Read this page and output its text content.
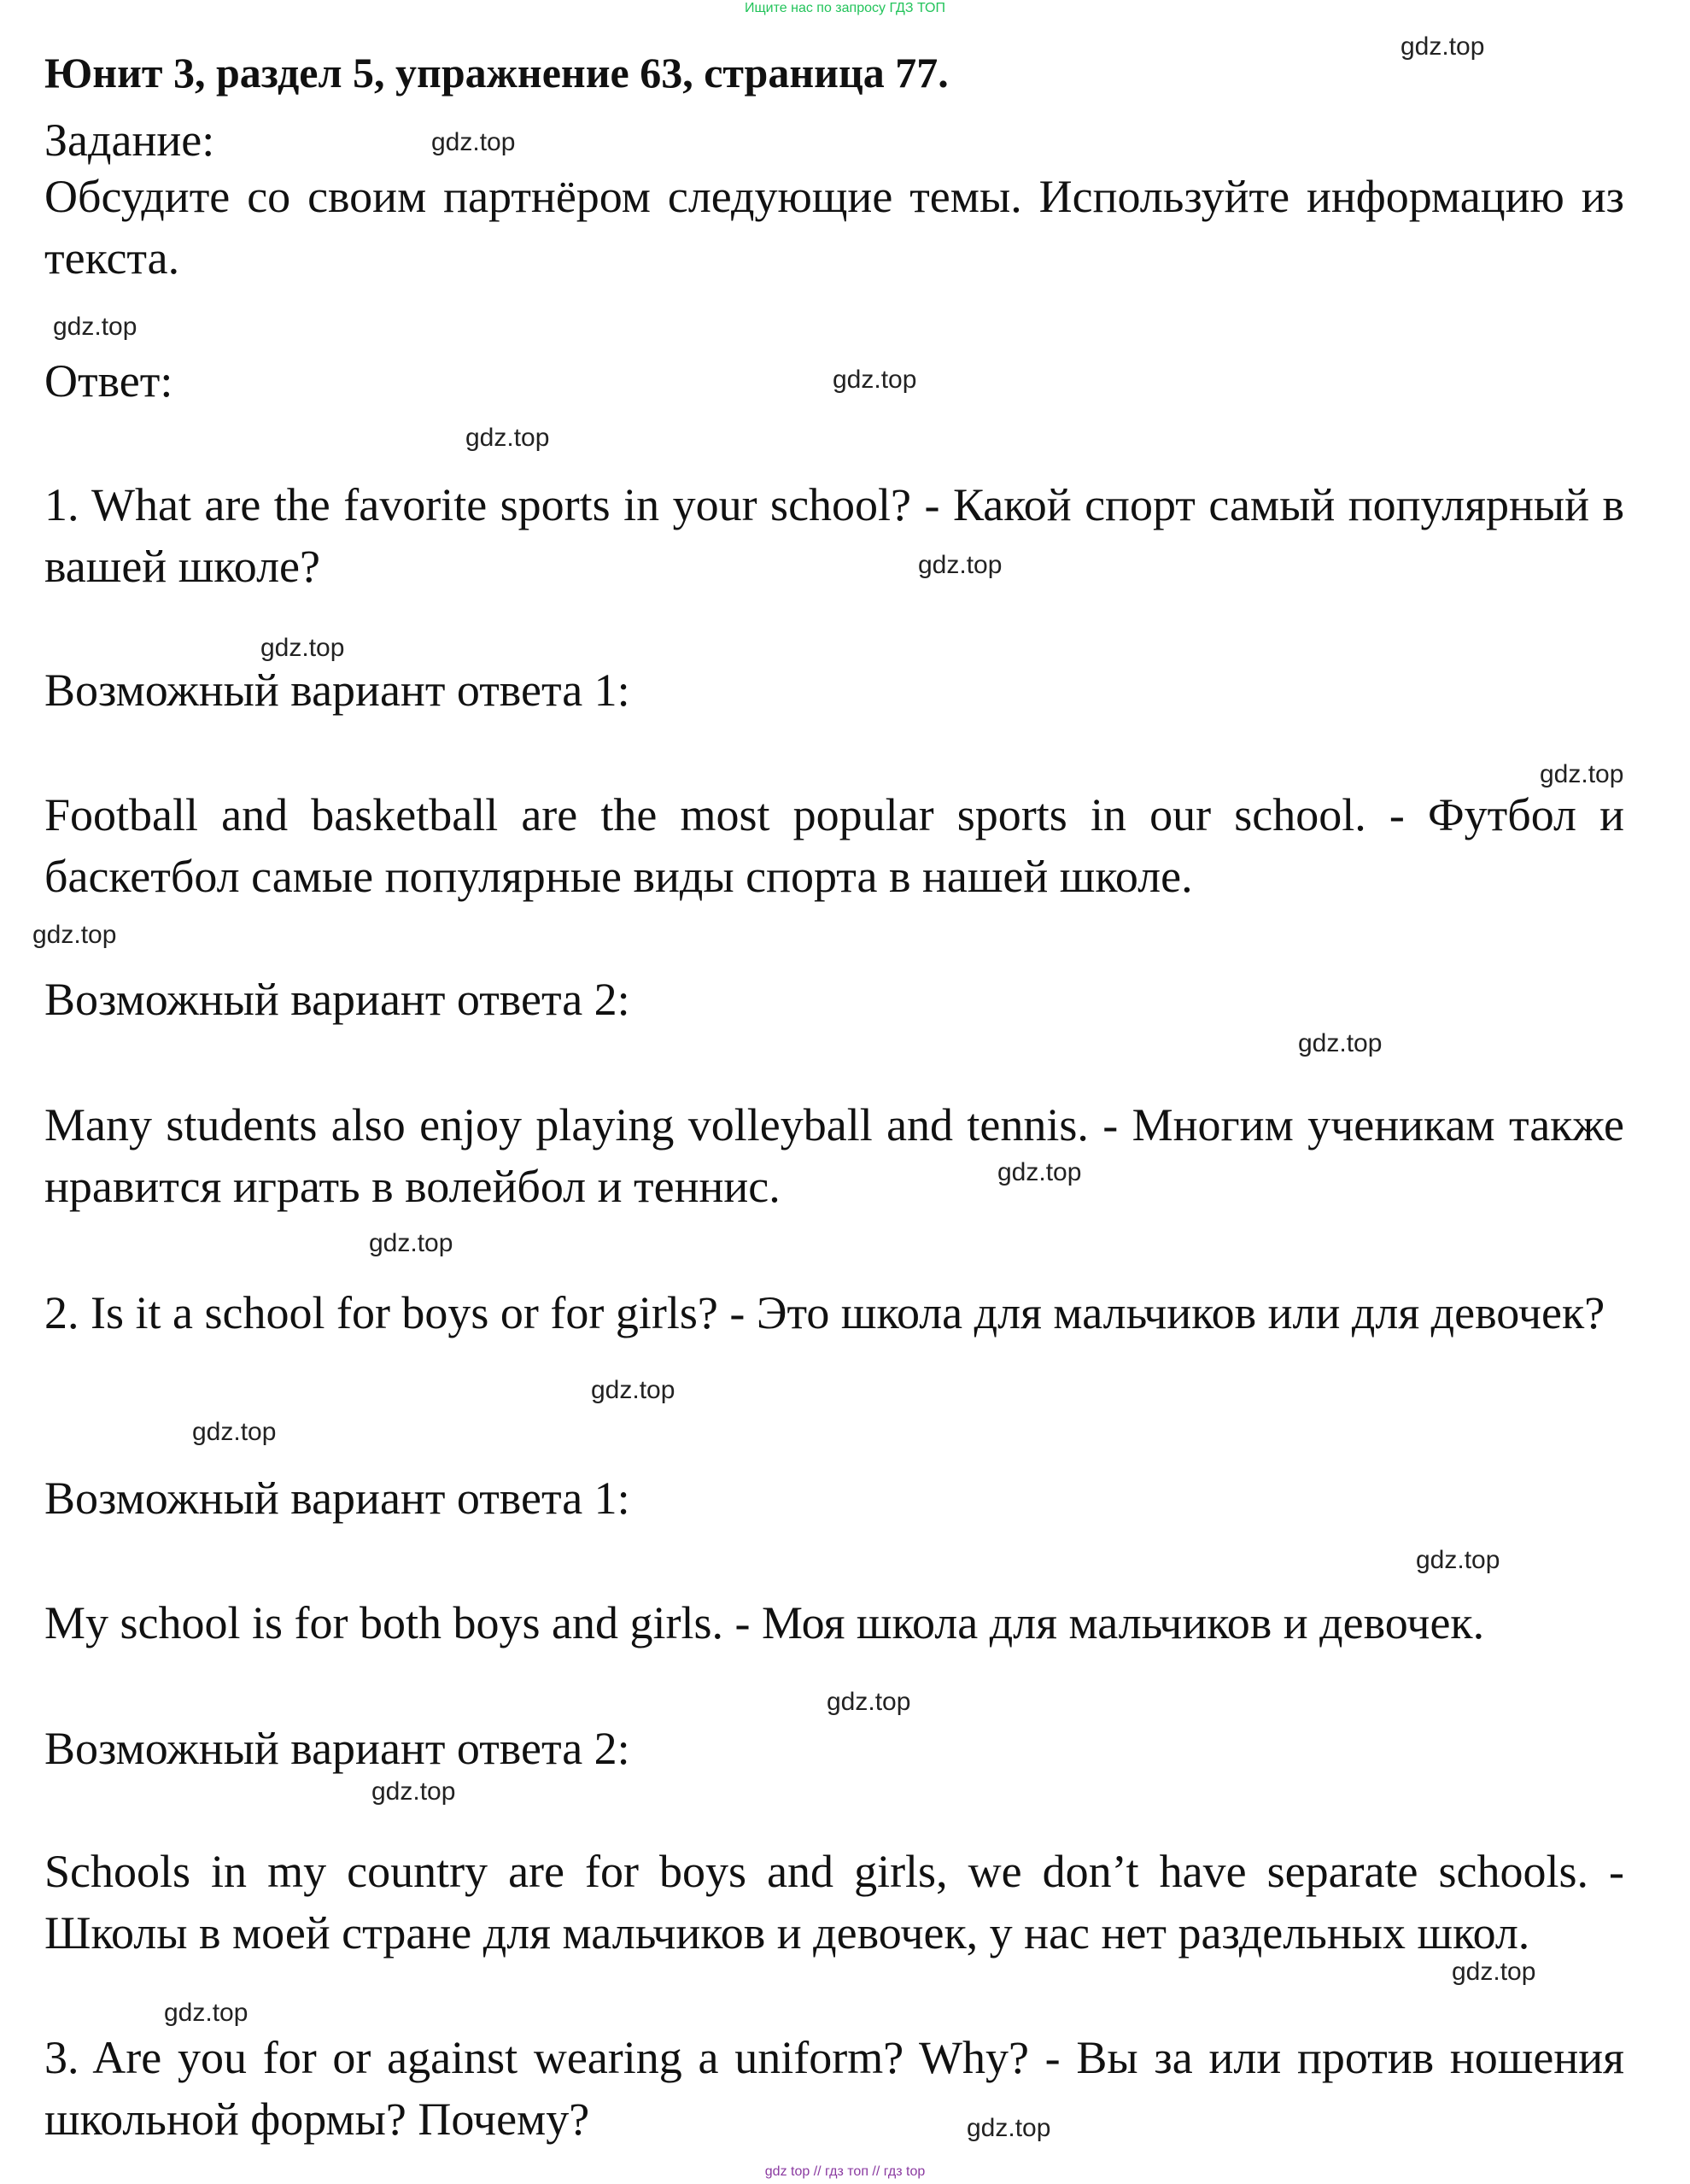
Ищите нас по запросу ГДЗ ТОП
Юнит 3, раздел 5, упражнение 63, страница 77.

Задание:

Обсудите со своим партнёром следующие темы. Используйте информацию из текста.

Ответ:

1. What are the favorite sports in your school? - Какой спорт самый популярный в вашей школе?

Возможный вариант ответа 1:

Football and basketball are the most popular sports in our school. - Футбол и баскетбол самые популярные виды спорта в нашей школе.

Возможный вариант ответа 2:

Many students also enjoy playing volleyball and tennis. - Многим ученикам также нравится играть в волейбол и теннис.

2. Is it a school for boys or for girls? - Это школа для мальчиков или для девочек?

Возможный вариант ответа 1:

My school is for both boys and girls. - Моя школа для мальчиков и девочек.

Возможный вариант ответа 2:

Schools in my country are for boys and girls, we don’t have separate schools. - Школы в моей стране для мальчиков и девочек, у нас нет раздельных школ.

3. Are you for or against wearing a uniform? Why? - Вы за или против ношения школьной формы? Почему?

gdz.top
gdz.top
gdz.top
gdz.top
gdz.top
gdz.top
gdz.top
gdz.top
gdz.top
gdz.top
gdz.top
gdz.top
gdz.top
gdz.top
gdz.top
gdz.top
gdz.top
gdz.top
gdz.top
gdz.top
gdz top // гдз топ // гдз top
